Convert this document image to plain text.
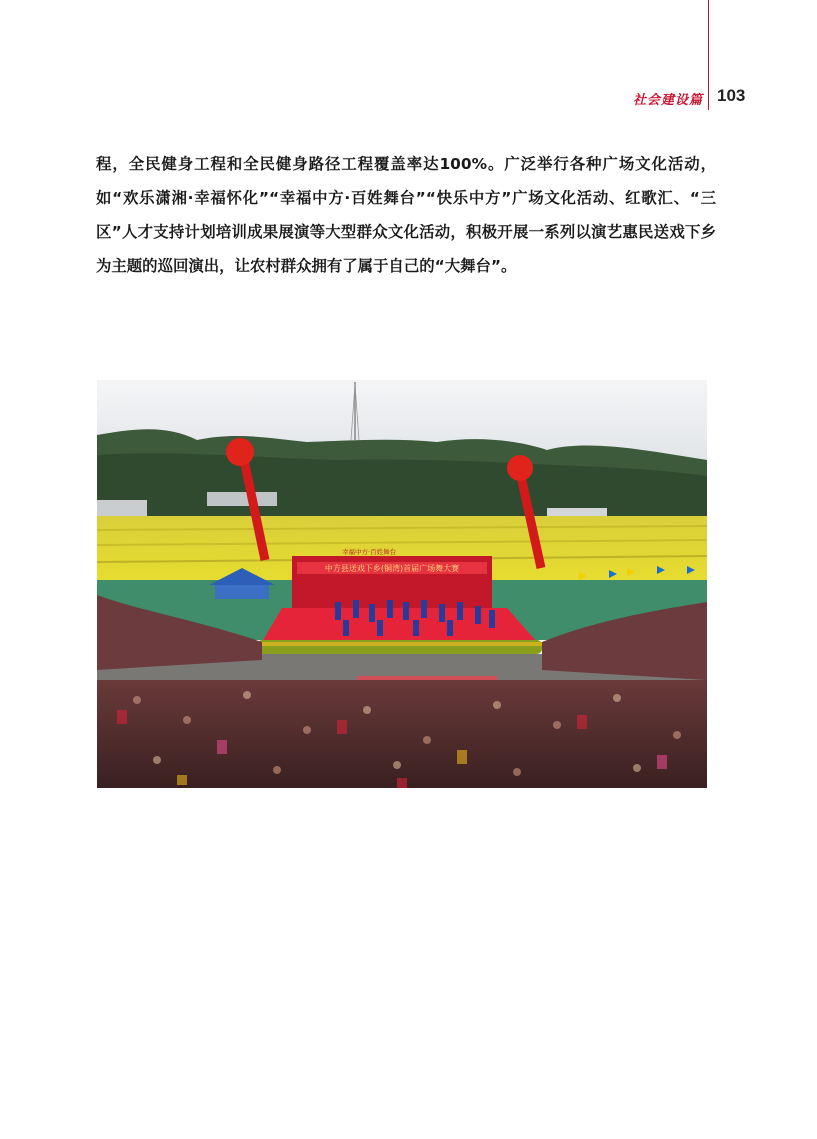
社会建设篇 103

程，全民健身工程和全民健身路径工程覆盖率达100%。广泛举行各种广场文化活动，如“欢乐潇湘·幸福怀化”“幸福中方·百姓舞台”“快乐中方”广场文化活动、红歌汇、“三区”人才支持计划培训成果展演等大型群众文化活动，积极开展一系列以演艺惠民送戏下乡为主题的巡回演出，让农村群众拥有了属于自己的“大舞台”。

中方县送戏下乡(铜湾)首届广场舞大赛
幸福中方·百姓舞台
